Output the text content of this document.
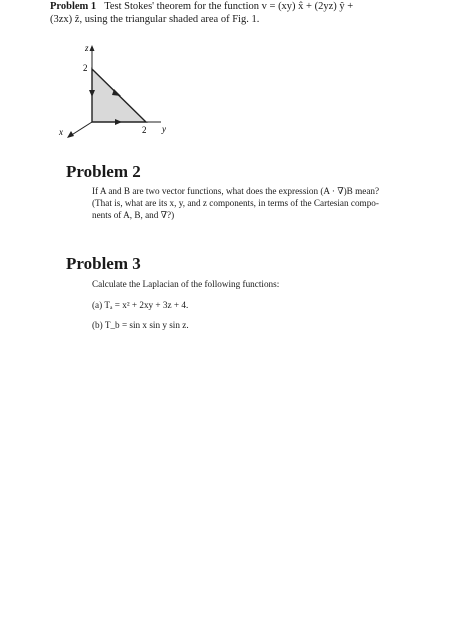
Problem 1 Test Stokes' theorem for the function v = (xy) x̂ + (2yz) ŷ +
(3zx) ẑ, using the triangular shaded area of Fig. 1.
z
2
2 y
x
Problem 2
If A and B are two vector functions, what does the expression (A · ∇)B mean?
(That is, what are its x, y, and z components, in terms of the Cartesian compo-
nents of A, B, and ∇?)
Problem 3
Calculate the Laplacian of the following functions:
(a) Tₐ = x² + 2xy + 3z + 4.
(b) T_b = sin x sin y sin z.
